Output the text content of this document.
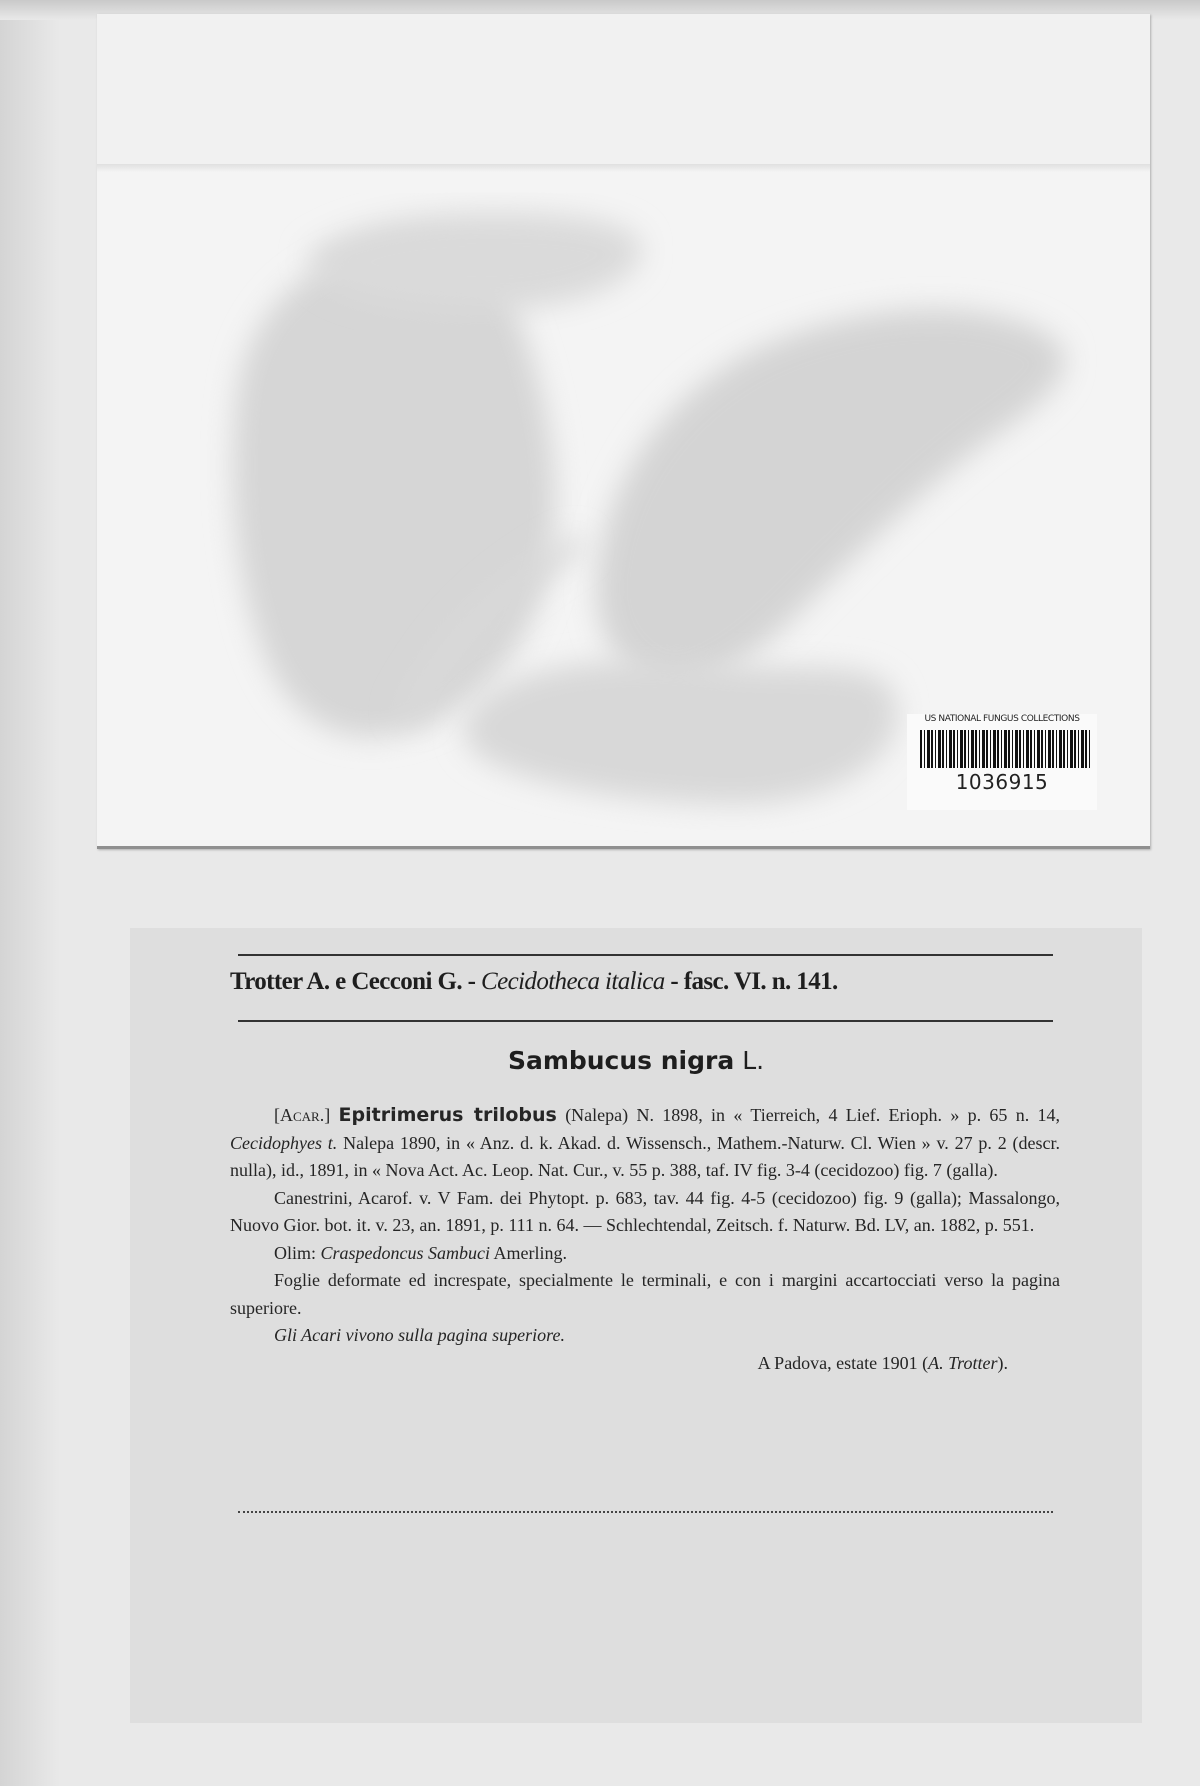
US NATIONAL FUNGUS COLLECTIONS
1036915
Trotter A. e Cecconi G. - Cecidotheca italica - fasc. VI. n. 141.
Sambucus nigra L.

[Acar.] Epitrimerus trilobus (Nalepa) N. 1898, in « Tierreich, 4 Lief. Erioph. » p. 65 n. 14, Cecidophyes t. Nalepa 1890, in « Anz. d. k. Akad. d. Wissensch., Mathem.-Naturw. Cl. Wien » v. 27 p. 2 (descr. nulla), id., 1891, in « Nova Act. Ac. Leop. Nat. Cur., v. 55 p. 388, taf. IV fig. 3-4 (cecidozoo) fig. 7 (galla).

Canestrini, Acarof. v. V Fam. dei Phytopt. p. 683, tav. 44 fig. 4-5 (cecidozoo) fig. 9 (galla); Massalongo, Nuovo Gior. bot. it. v. 23, an. 1891, p. 111 n. 64. — Schlechtendal, Zeitsch. f. Naturw. Bd. LV, an. 1882, p. 551.

Olim: Craspedoncus Sambuci Amerling.

Foglie deformate ed increspate, specialmente le terminali, e con i margini accartocciati verso la pagina superiore.

Gli Acari vivono sulla pagina superiore.

A Padova, estate 1901 (A. Trotter).
